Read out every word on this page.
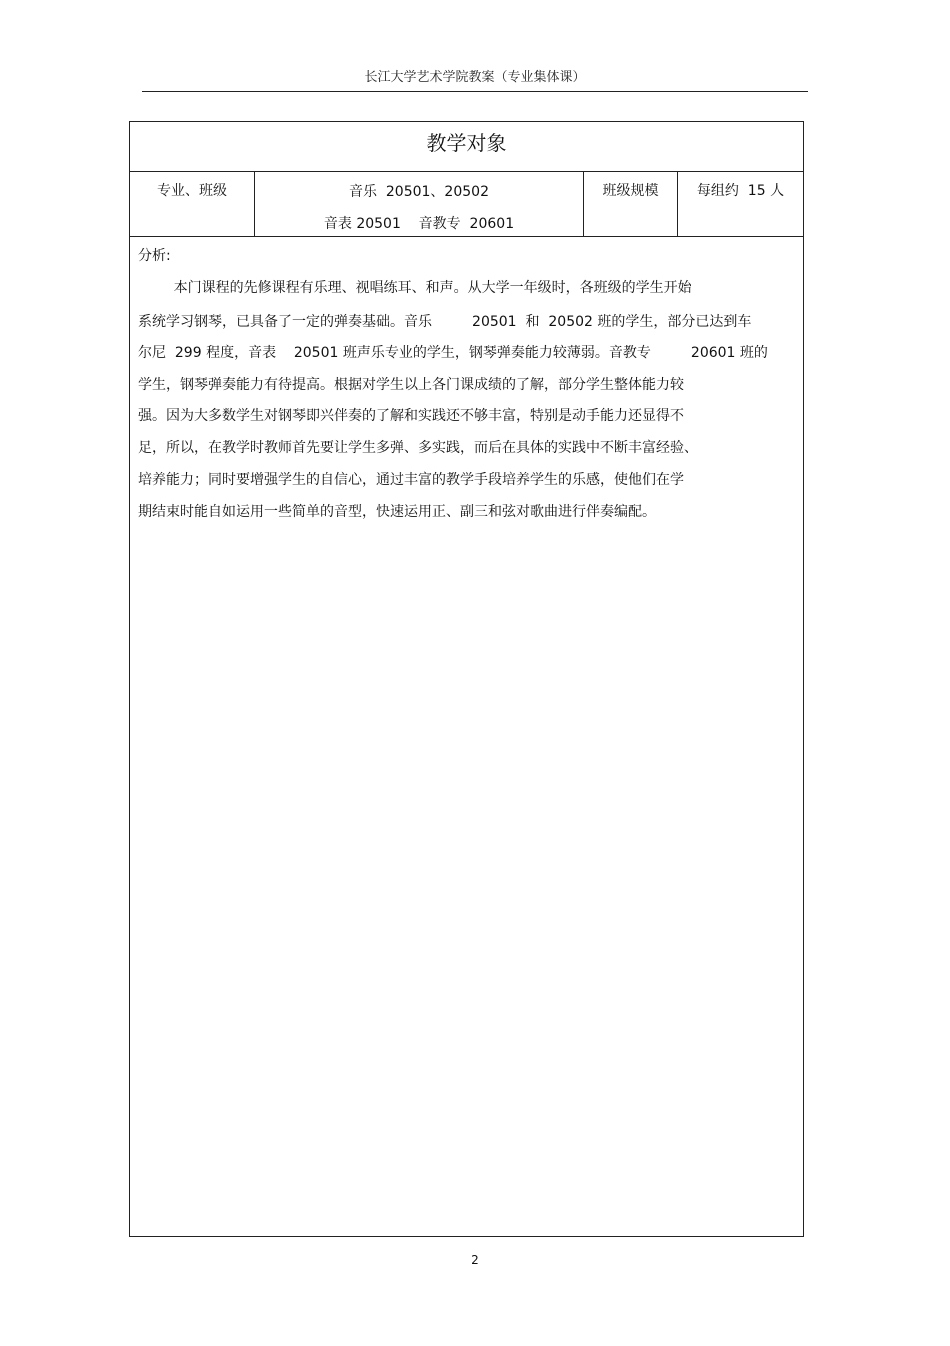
长江大学艺术学院教案（专业集体课）
教学对象
专业、班级	音乐  20501、20502
音表 20501    音教专  20601
班级规模	每组约  15 人
分析:
本门课程的先修课程有乐理、视唱练耳、和声。从大学一年级时，各班级的学生开始
系统学习钢琴，已具备了一定的弹奏基础。音乐         20501  和  20502 班的学生，部分已达到车
尔尼  299 程度，音表    20501 班声乐专业的学生，钢琴弹奏能力较薄弱。音教专         20601 班的
学生，钢琴弹奏能力有待提高。根据对学生以上各门课成绩的了解，部分学生整体能力较
强。因为大多数学生对钢琴即兴伴奏的了解和实践还不够丰富，特别是动手能力还显得不
足，所以，在教学时教师首先要让学生多弹、多实践，而后在具体的实践中不断丰富经验、
培养能力；同时要增强学生的自信心，通过丰富的教学手段培养学生的乐感，使他们在学
期结束时能自如运用一些简单的音型，快速运用正、副三和弦对歌曲进行伴奏编配。
2
